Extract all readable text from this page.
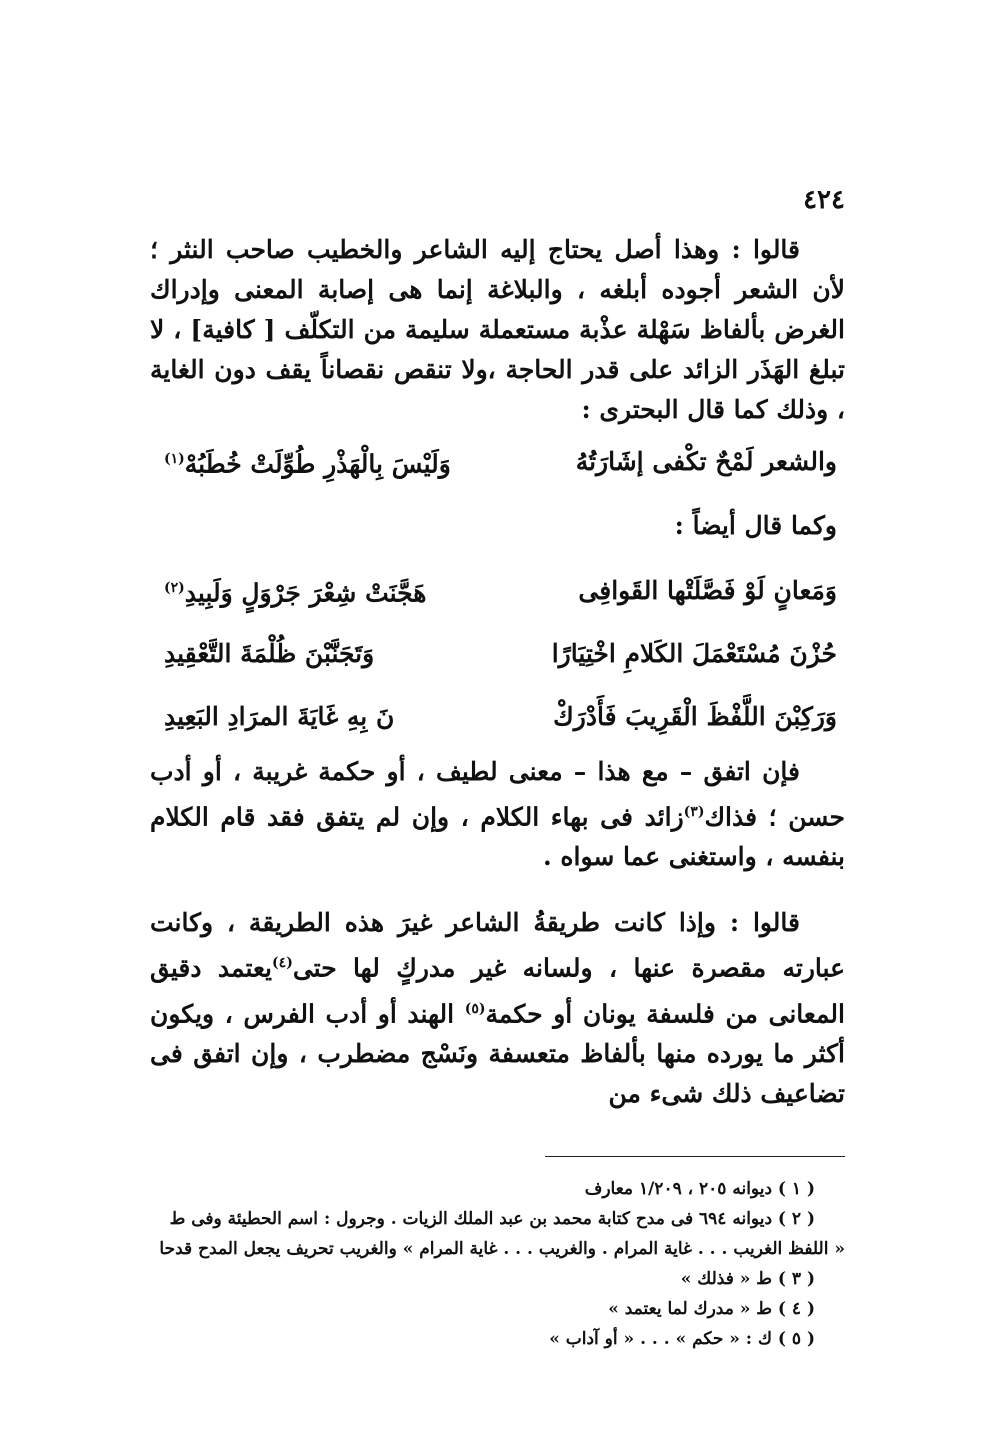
٤٢٤

قالوا : وهذا أصل يحتاج إليه الشاعر والخطيب صاحب النثر ؛ لأن الشعر أجوده أبلغه ، والبلاغة إنما هى إصابة المعنى وإدراك الغرض بألفاظ سَهْلة عذْبة مستعملة سليمة من التكلّف [ كافية] ، لا تبلغ الهَذَر الزائد على قدر الحاجة ،ولا تنقص نقصاناً يقف دون الغاية ، وذلك كما قال البحترى :

والشعر لَمْحٌ تكْفى إشَارَتُهُ
وَلَيْسَ بِالْهَذْرِ طُوِّلَتْ خُطَبُهْ$^{(١)}$

وكما قال أيضاً :

وَمَعانٍ لَوْ فَصَّلَتْها القَوافِى
هَجَّنَتْ شِعْرَ جَرْوَلٍ وَلَبِيدِ$^{(٢)}$
حُزْنَ مُسْتَعْمَلَ الكَلامِ اخْتِيَارًا
وَتَجَنَّبْنَ ظُلْمَةَ التَّعْقِيدِ
وَرَكِبْنَ اللَّفْظَ الْقَرِيبَ فَأَدْرَكْ
نَ بِهِ غَايَةَ المرَادِ البَعِيدِ

فإن اتفق – مع هذا – معنى لطيف ، أو حكمة غريبة ، أو أدب حسن ؛ فذاك$^{(٣)}$زائد فى بهاء الكلام ، وإن لم يتفق فقد قام الكلام بنفسه ، واستغنى عما سواه .

قالوا : وإذا كانت طريقةُ الشاعر غيرَ هذه الطريقة ، وكانت عبارته مقصرة عنها ، ولسانه غير مدركٍ لها حتى$^{(٤)}$يعتمد دقيق المعانى من فلسفة يونان أو حكمة$^{(٥)}$ الهند أو أدب الفرس ، ويكون أكثر ما يورده منها بألفاظ متعسفة ونَسْج مضطرب ، وإن اتفق فى تضاعيف ذلك شىء من

( ١ ) ديوانه ٢٠٥ ، ١/٢٠٩ معارف

( ٢ ) ديوانه ٦٩٤ فى مدح كتابة محمد بن عبد الملك الزيات . وجرول : اسم الحطيئة وفى ط

« اللفظ الغريب . . . غاية المرام . والغريب . . . غاية المرام » والغريب تحريف يجعل المدح قدحا

( ٣ ) ط « فذلك »

( ٤ ) ط « مدرك لما يعتمد »

( ٥ ) ك : « حكم » . . . « أو آداب »
